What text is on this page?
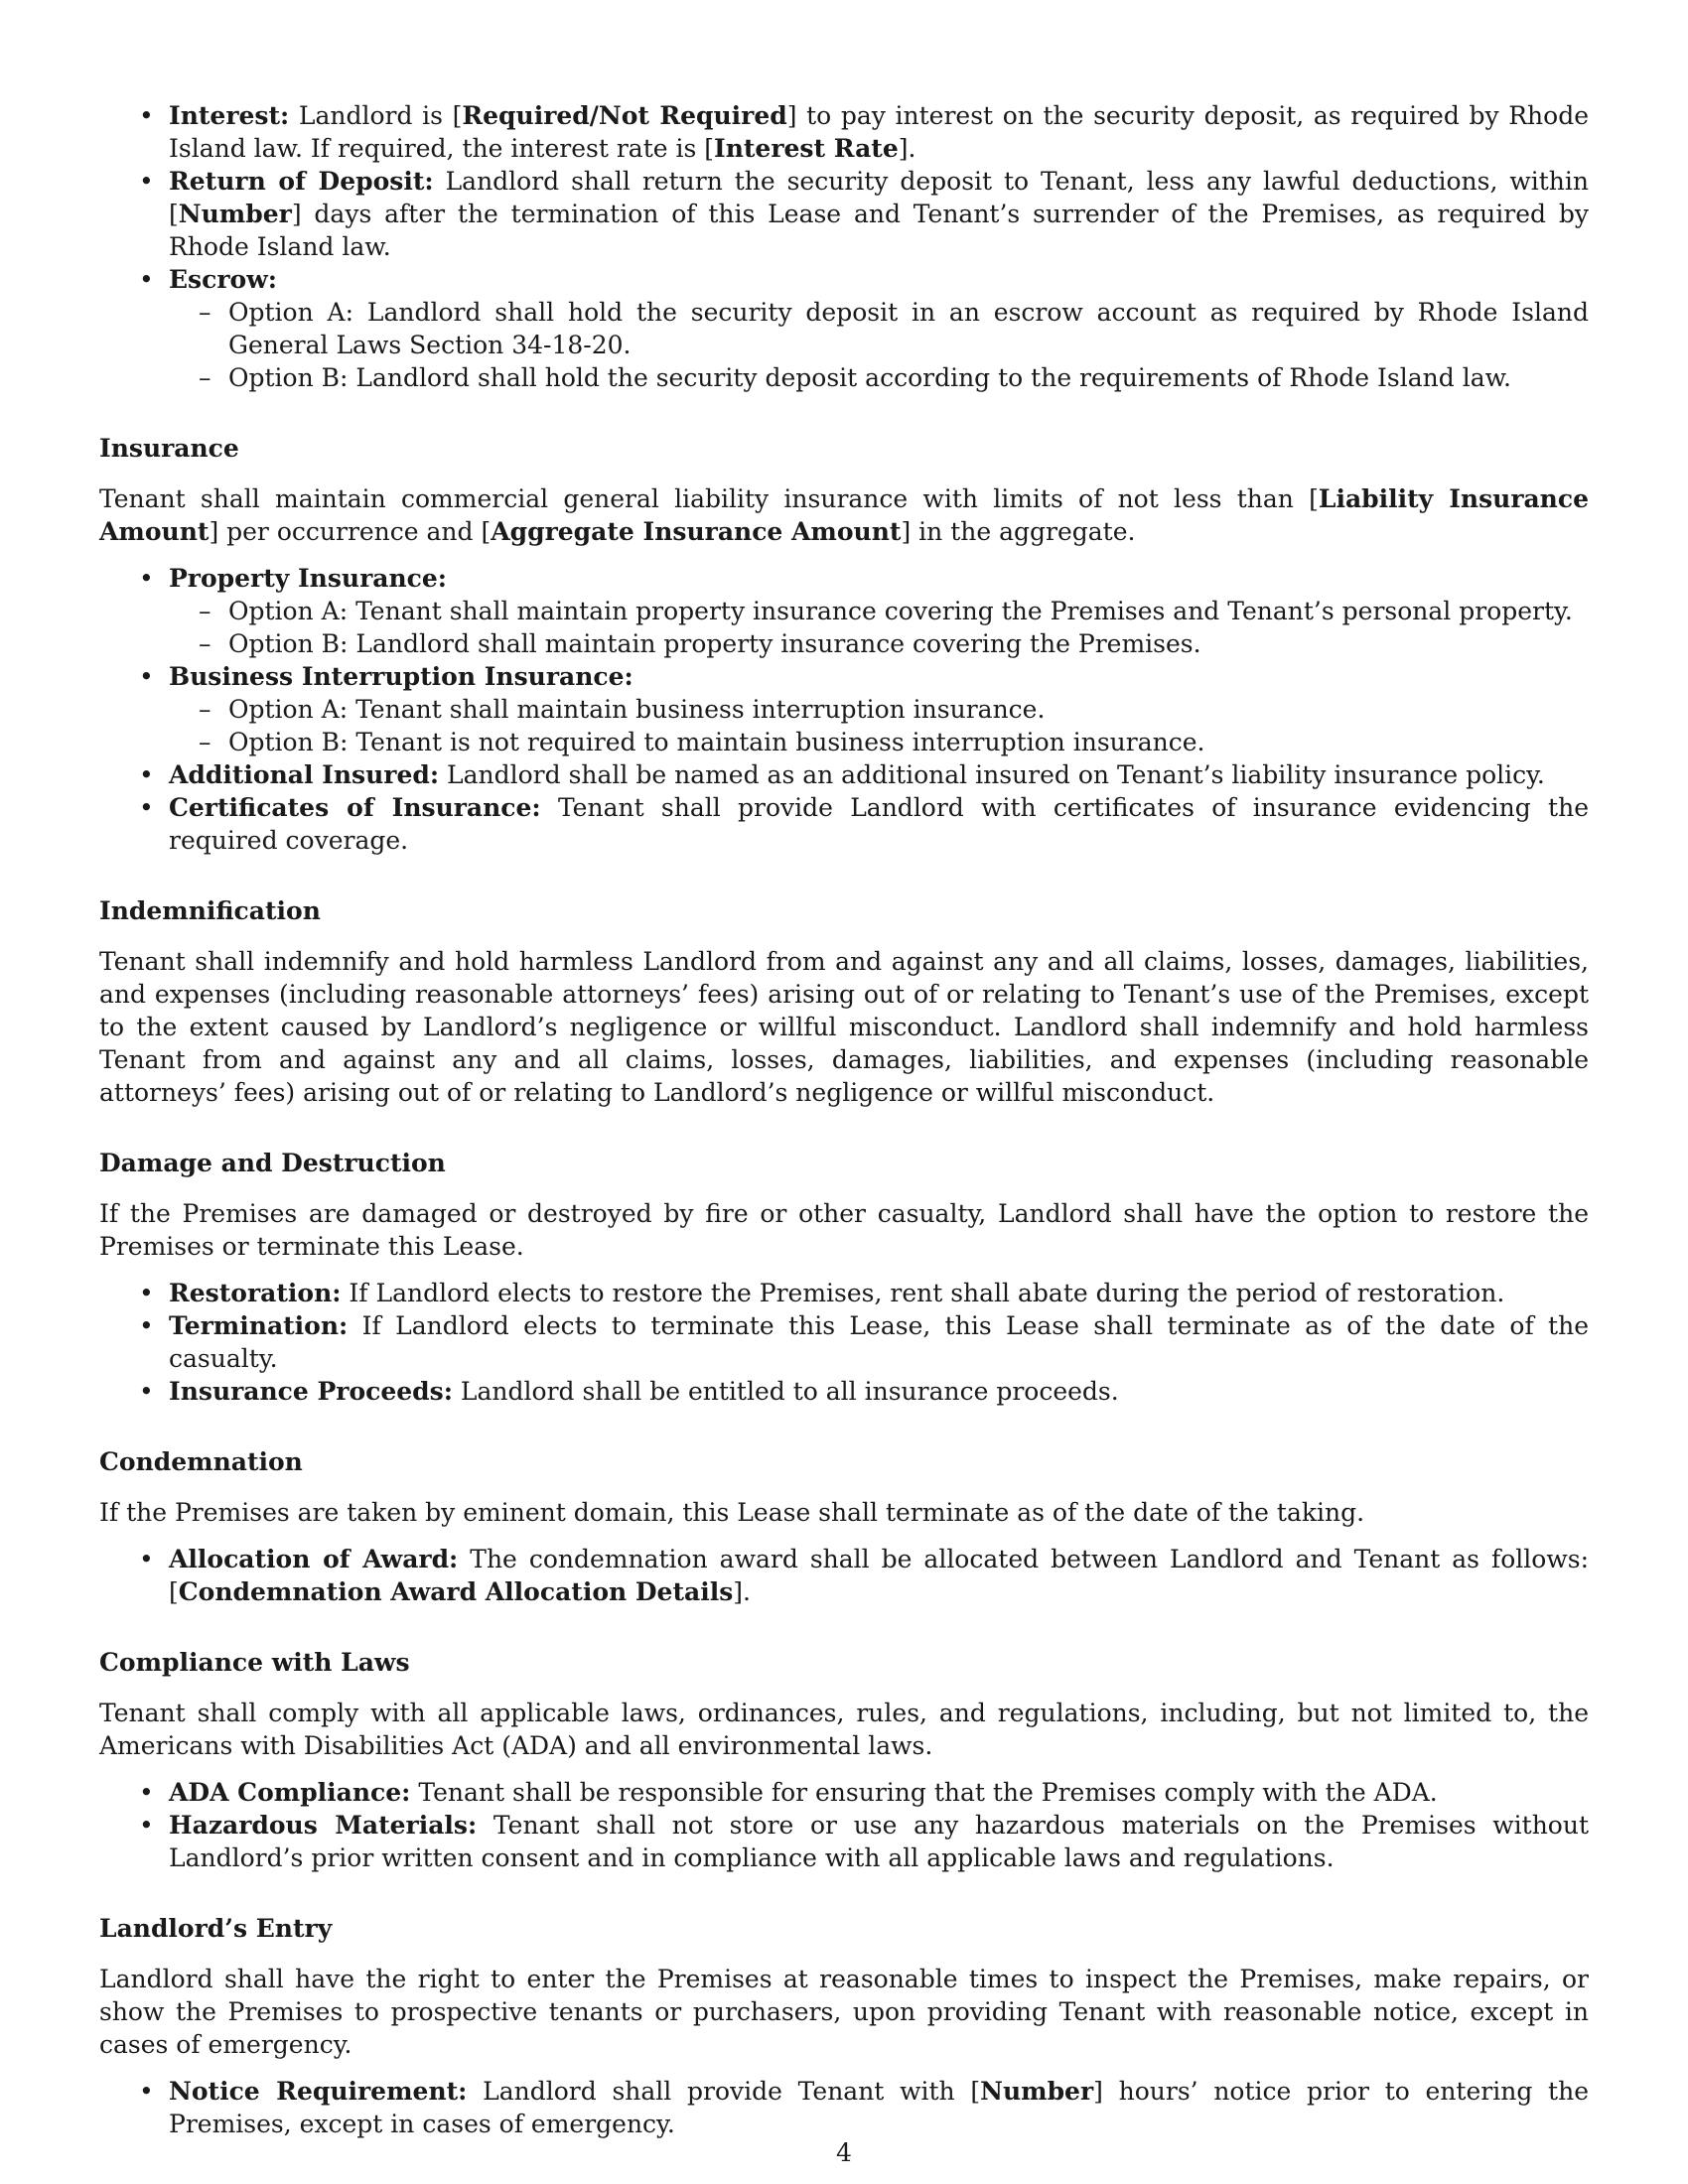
• Interest: Landlord is [Required/Not Required] to pay interest on the security deposit, as required by Rhode Island law. If required, the interest rate is [Interest Rate].
• Return of Deposit: Landlord shall return the security deposit to Tenant, less any lawful deductions, within [Number] days after the termination of this Lease and Tenant’s surrender of the Premises, as required by Rhode Island law.
• Escrow:
– Option A: Landlord shall hold the security deposit in an escrow account as required by Rhode Island General Laws Section 34-18-20.
– Option B: Landlord shall hold the security deposit according to the requirements of Rhode Island law.
Insurance

Tenant shall maintain commercial general liability insurance with limits of not less than [Liability Insurance Amount] per occurrence and [Aggregate Insurance Amount] in the aggregate.

• Property Insurance:
– Option A: Tenant shall maintain property insurance covering the Premises and Tenant’s personal property.
– Option B: Landlord shall maintain property insurance covering the Premises.
• Business Interruption Insurance:
– Option A: Tenant shall maintain business interruption insurance.
– Option B: Tenant is not required to maintain business interruption insurance.
• Additional Insured: Landlord shall be named as an additional insured on Tenant’s liability insurance policy.
• Certificates of Insurance: Tenant shall provide Landlord with certificates of insurance evidencing the required coverage.
Indemnification

Tenant shall indemnify and hold harmless Landlord from and against any and all claims, losses, damages, liabilities, and expenses (including reasonable attorneys’ fees) arising out of or relating to Tenant’s use of the Premises, except to the extent caused by Landlord’s negligence or willful misconduct. Landlord shall indemnify and hold harmless Tenant from and against any and all claims, losses, damages, liabilities, and expenses (including reasonable attorneys’ fees) arising out of or relating to Landlord’s negligence or willful misconduct.

Damage and Destruction

If the Premises are damaged or destroyed by fire or other casualty, Landlord shall have the option to restore the Premises or terminate this Lease.

• Restoration: If Landlord elects to restore the Premises, rent shall abate during the period of restoration.
• Termination: If Landlord elects to terminate this Lease, this Lease shall terminate as of the date of the casualty.
• Insurance Proceeds: Landlord shall be entitled to all insurance proceeds.
Condemnation

If the Premises are taken by eminent domain, this Lease shall terminate as of the date of the taking.

• Allocation of Award: The condemnation award shall be allocated between Landlord and Tenant as follows: [Condemnation Award Allocation Details].
Compliance with Laws

Tenant shall comply with all applicable laws, ordinances, rules, and regulations, including, but not limited to, the Americans with Disabilities Act (ADA) and all environmental laws.

• ADA Compliance: Tenant shall be responsible for ensuring that the Premises comply with the ADA.
• Hazardous Materials: Tenant shall not store or use any hazardous materials on the Premises without Landlord’s prior written consent and in compliance with all applicable laws and regulations.
Landlord’s Entry

Landlord shall have the right to enter the Premises at reasonable times to inspect the Premises, make repairs, or show the Premises to prospective tenants or purchasers, upon providing Tenant with reasonable notice, except in cases of emergency.

• Notice Requirement: Landlord shall provide Tenant with [Number] hours’ notice prior to entering the Premises, except in cases of emergency.
4
